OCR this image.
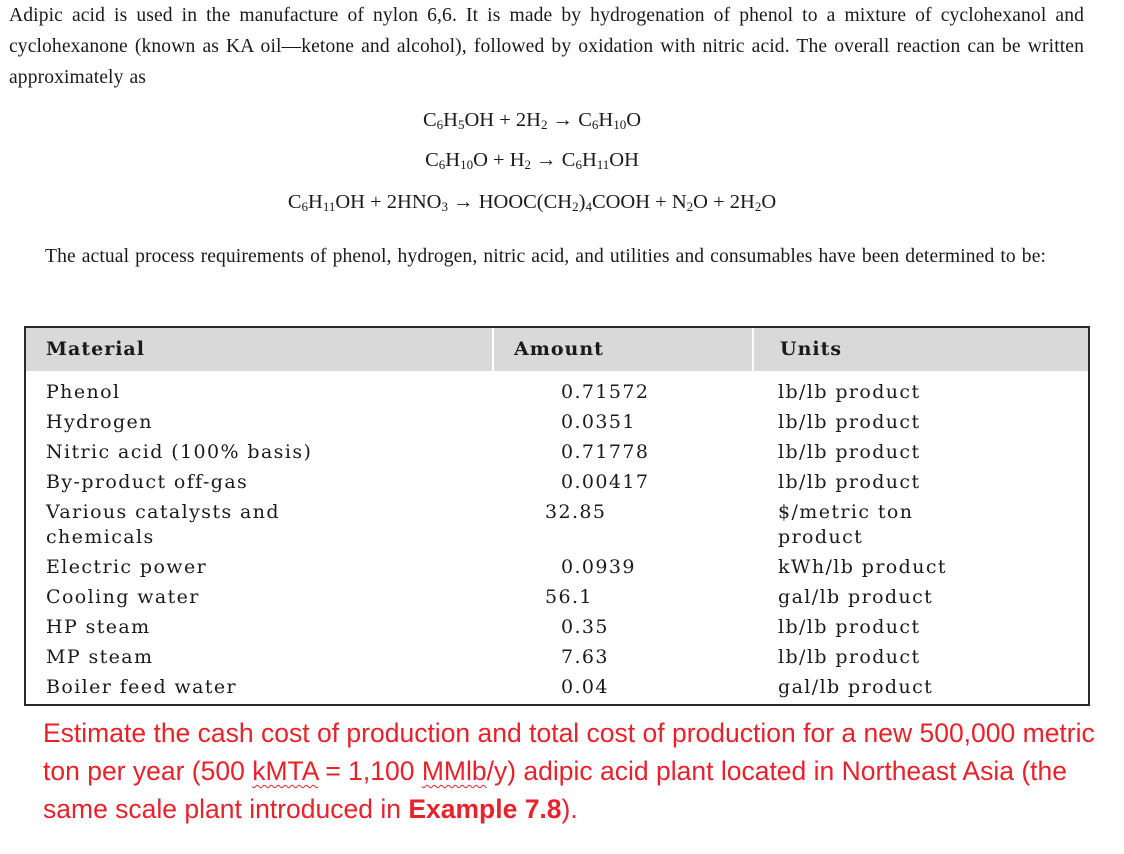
Adipic acid is used in the manufacture of nylon 6,6. It is made by hydrogenation of phenol to a mixture of cyclohexanol and cyclohexanone (known as KA oil—ketone and alcohol), followed by oxidation with nitric acid. The overall reaction can be written approximately as

$C_6H_5OH + 2H_2 \to C_6H_{10}O$
$C_6H_{10}O + H_2 \to C_6H_{11}OH$
$C_6H_{11}OH + 2HNO_3$ → $HOOC(CH_2)_4COOH + N_2O + 2H_2O$

The actual process requirements of phenol, hydrogen, nitric acid, and utilities and consumables have been determined to be:

Material	Amount	Units
Phenol	0.71572	lb/lb product
Hydrogen	0.0351	lb/lb product
Nitric acid (100% basis)	0.71778	lb/lb product
By-product off-gas	0.00417	lb/lb product
Various catalysts and chemicals
32.85	$/metric ton product
Electric power	0.0939	kWh/lb product
Cooling water	56.1	gal/lb product
HP steam	0.35	lb/lb product
MP steam	7.63	lb/lb product
Boiler feed water	0.04	gal/lb product

Estimate the cash cost of production and total cost of production for a new 500,000 metric ton per year (500 kMTA = 1,100 MMlb/y) adipic acid plant located in Northeast Asia (the same scale plant introduced in Example 7.8).
